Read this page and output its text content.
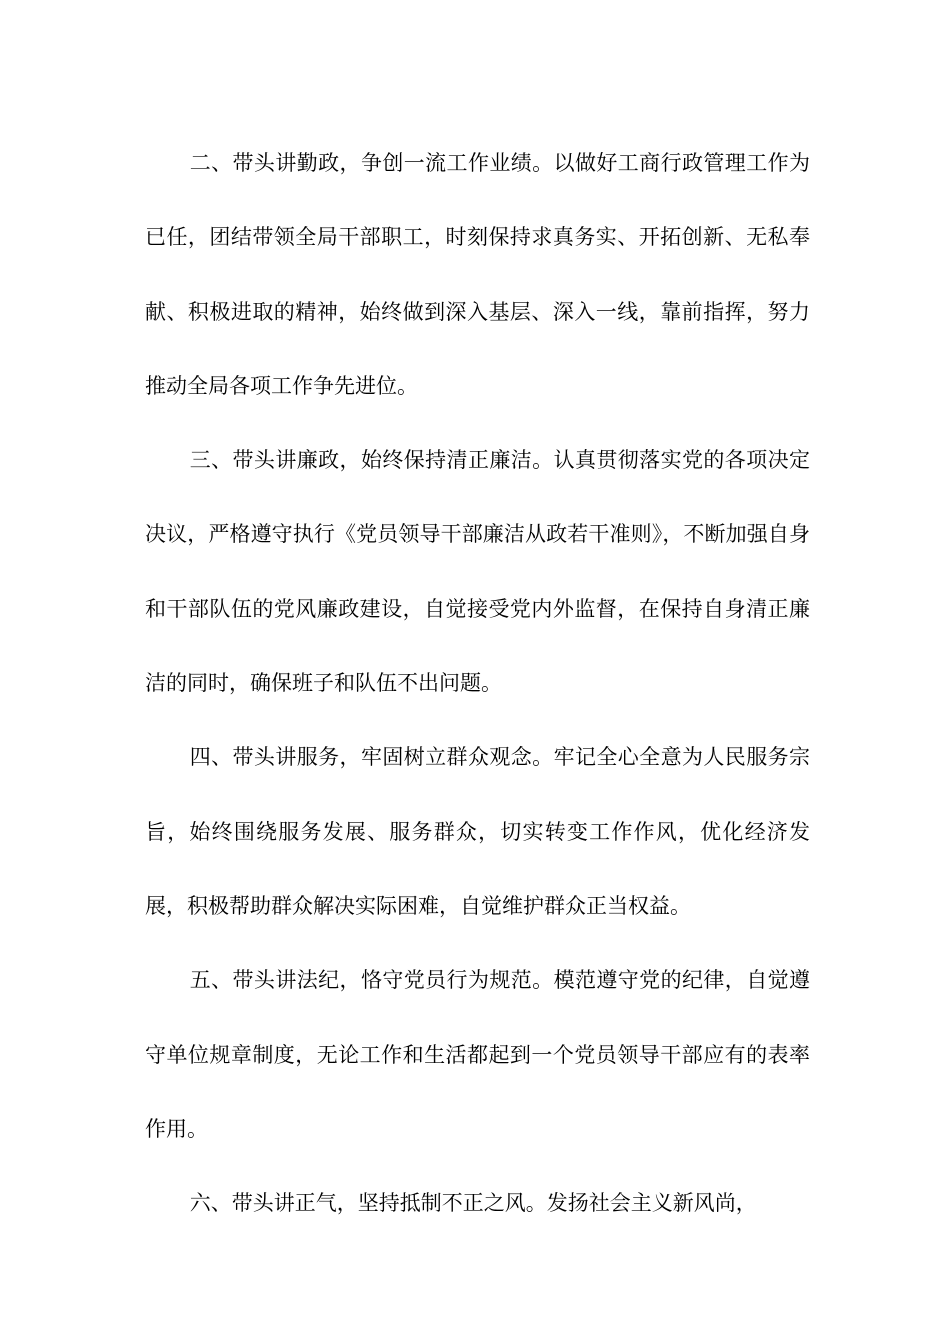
二、带头讲勤政，争创一流工作业绩。以做好工商行政管理工作为已任，团结带领全局干部职工，时刻保持求真务实、开拓创新、无私奉献、积极进取的精神，始终做到深入基层、深入一线，靠前指挥，努力推动全局各项工作争先进位。

三、带头讲廉政，始终保持清正廉洁。认真贯彻落实党的各项决定决议，严格遵守执行《党员领导干部廉洁从政若干准则》，不断加强自身和干部队伍的党风廉政建设，自觉接受党内外监督，在保持自身清正廉洁的同时，确保班子和队伍不出问题。

四、带头讲服务，牢固树立群众观念。牢记全心全意为人民服务宗旨，始终围绕服务发展、服务群众，切实转变工作作风，优化经济发展，积极帮助群众解决实际困难，自觉维护群众正当权益。

五、带头讲法纪，恪守党员行为规范。模范遵守党的纪律，自觉遵守单位规章制度，无论工作和生活都起到一个党员领导干部应有的表率作用。

六、带头讲正气，坚持抵制不正之风。发扬社会主义新风尚，
